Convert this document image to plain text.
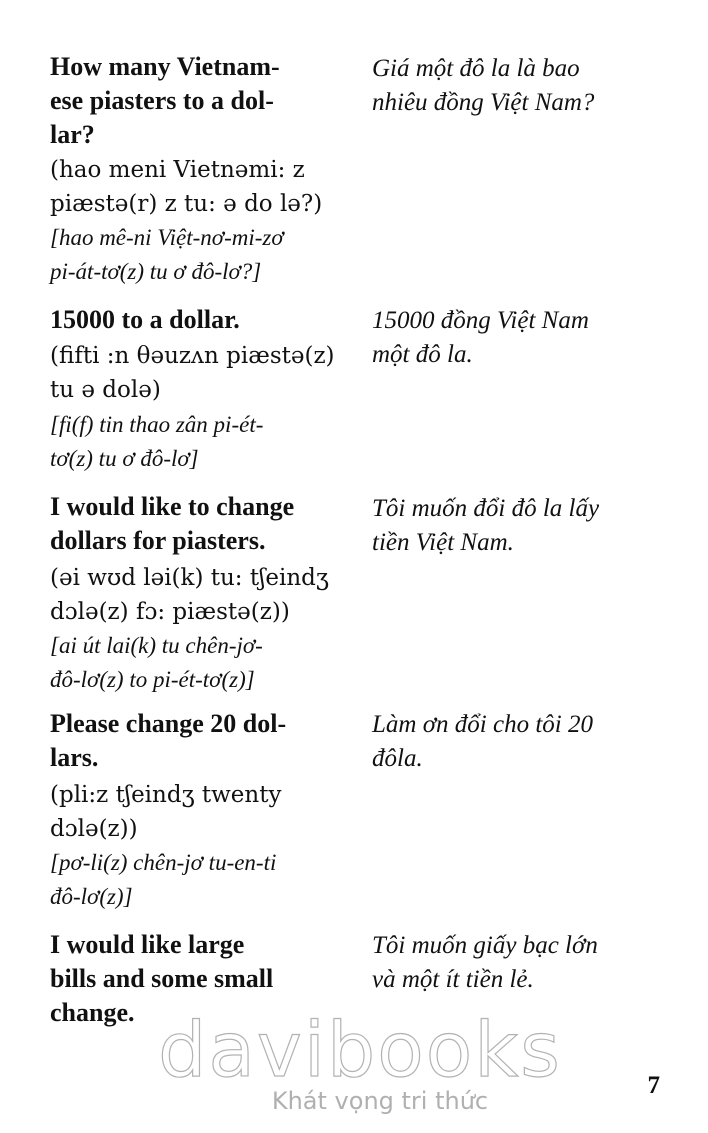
How many Vietnam-
ese piasters to a dol-
lar?
(hao meni Vietnəmi: z
piæstə(r) z tu: ə do lə?)
[hao mê-ni Việt-nơ-mi-zơ
pi-át-tơ(z) tu ơ đô-lơ?]
Giá một đô la là bao
nhiêu đồng Việt Nam?
15000 to a dollar.
(fifti :n θəuzʌn piæstə(z)
tu ə dolə)
[fi(f) tin thao zân pi-ét-
tơ(z) tu ơ đô-lơ]
15000 đồng Việt Nam
một đô la.
I would like to change
dollars for piasters.
(əi wʊd ləi(k) tu: tʃeindʒ
dɔlə(z) fɔ: piæstə(z))
[ai út lai(k) tu chên-jơ-
đô-lơ(z) to pi-ét-tơ(z)]
Tôi muốn đổi đô la lấy
tiền Việt Nam.
Please change 20 dol-
lars.
(pli:z tʃeindʒ twenty
dɔlə(z))
[pơ-li(z) chên-jơ tu-en-ti
đô-lơ(z)]
Làm ơn đổi cho tôi 20
đôla.
I would like large
bills and some small
change.
Tôi muốn giấy bạc lớn
và một ít tiền lẻ.
davibooks
Khát vọng tri thức
7
